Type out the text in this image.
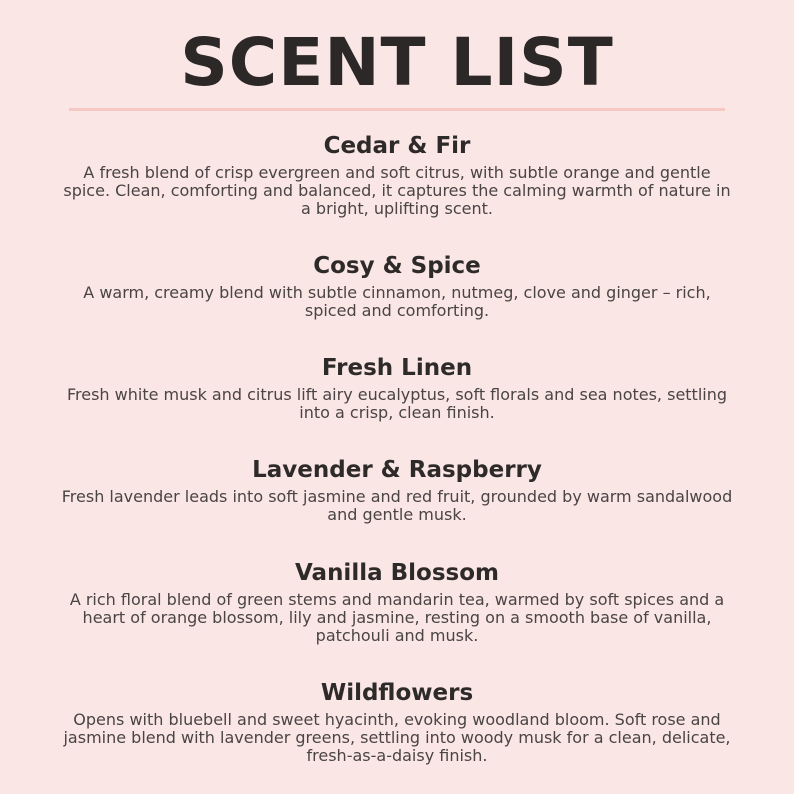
SCENT LIST
Cedar & Fir

A fresh blend of crisp evergreen and soft citrus, with subtle orange and gentle spice. Clean, comforting and balanced, it captures the calming warmth of nature in a bright, uplifting scent.

Cosy & Spice

A warm, creamy blend with subtle cinnamon, nutmeg, clove and ginger – rich, spiced and comforting.

Fresh Linen

Fresh white musk and citrus lift airy eucalyptus, soft florals and sea notes, settling into a crisp, clean finish.

Lavender & Raspberry

Fresh lavender leads into soft jasmine and red fruit, grounded by warm sandalwood and gentle musk.

Vanilla Blossom

A rich floral blend of green stems and mandarin tea, warmed by soft spices and a heart of orange blossom, lily and jasmine, resting on a smooth base of vanilla, patchouli and musk.

Wildflowers

Opens with bluebell and sweet hyacinth, evoking woodland bloom. Soft rose and jasmine blend with lavender greens, settling into woody musk for a clean, delicate, fresh-as-a-daisy finish.
